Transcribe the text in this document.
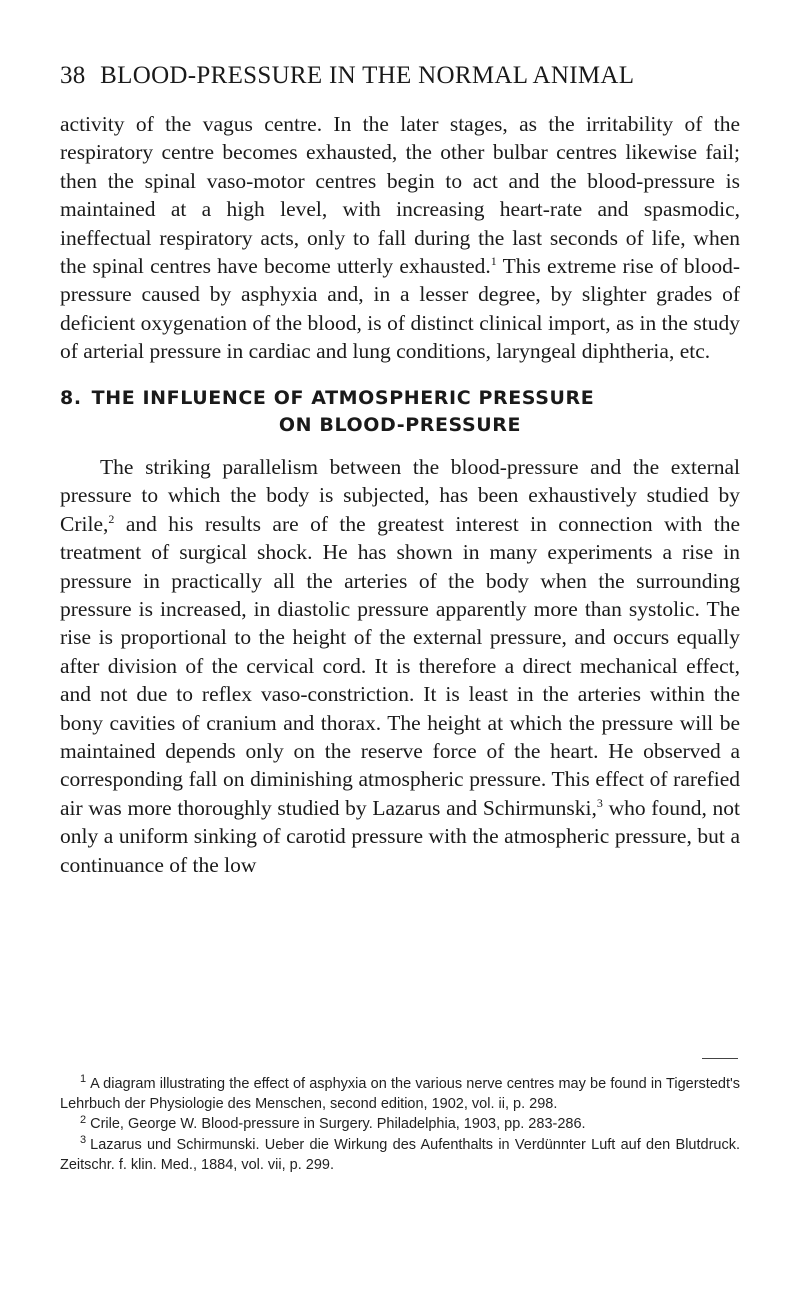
38 BLOOD-PRESSURE IN THE NORMAL ANIMAL

activity of the vagus centre. In the later stages, as the irritability of the respiratory centre becomes exhausted, the other bulbar centres likewise fail; then the spinal vaso-motor centres begin to act and the blood-pressure is maintained at a high level, with increasing heart-rate and spasmodic, ineffectual respiratory acts, only to fall during the last seconds of life, when the spinal centres have become utterly exhausted.$^1$ This extreme rise of blood-pressure caused by asphyxia and, in a lesser degree, by slighter grades of deficient oxygenation of the blood, is of distinct clinical import, as in the study of arterial pressure in cardiac and lung conditions, laryngeal diphtheria, etc.

8. THE INFLUENCE OF ATMOSPHERIC PRESSURE
ON BLOOD-PRESSURE

The striking parallelism between the blood-pressure and the external pressure to which the body is subjected, has been exhaustively studied by Crile,$^2$ and his results are of the greatest interest in connection with the treatment of surgical shock. He has shown in many experiments a rise in pressure in practically all the arteries of the body when the surrounding pressure is increased, in diastolic pressure apparently more than systolic. The rise is proportional to the height of the external pressure, and occurs equally after division of the cervical cord. It is therefore a direct mechanical effect, and not due to reflex vaso-constriction. It is least in the arteries within the bony cavities of cranium and thorax. The height at which the pressure will be maintained depends only on the reserve force of the heart. He observed a corresponding fall on diminishing atmospheric pressure. This effect of rarefied air was more thoroughly studied by Lazarus and Schirmunski,$^3$ who found, not only a uniform sinking of carotid pressure with the atmospheric pressure, but a continuance of the low

$^1$ A diagram illustrating the effect of asphyxia on the various nerve centres may be found in Tigerstedt's Lehrbuch der Physiologie des Menschen, second edition, 1902, vol. ii, p. 298.

$^2$ Crile, George W. Blood-pressure in Surgery. Philadelphia, 1903, pp. 283-286.

$^3$ Lazarus und Schirmunski. Ueber die Wirkung des Aufenthalts in Verdünnter Luft auf den Blutdruck. Zeitschr. f. klin. Med., 1884, vol. vii, p. 299.
